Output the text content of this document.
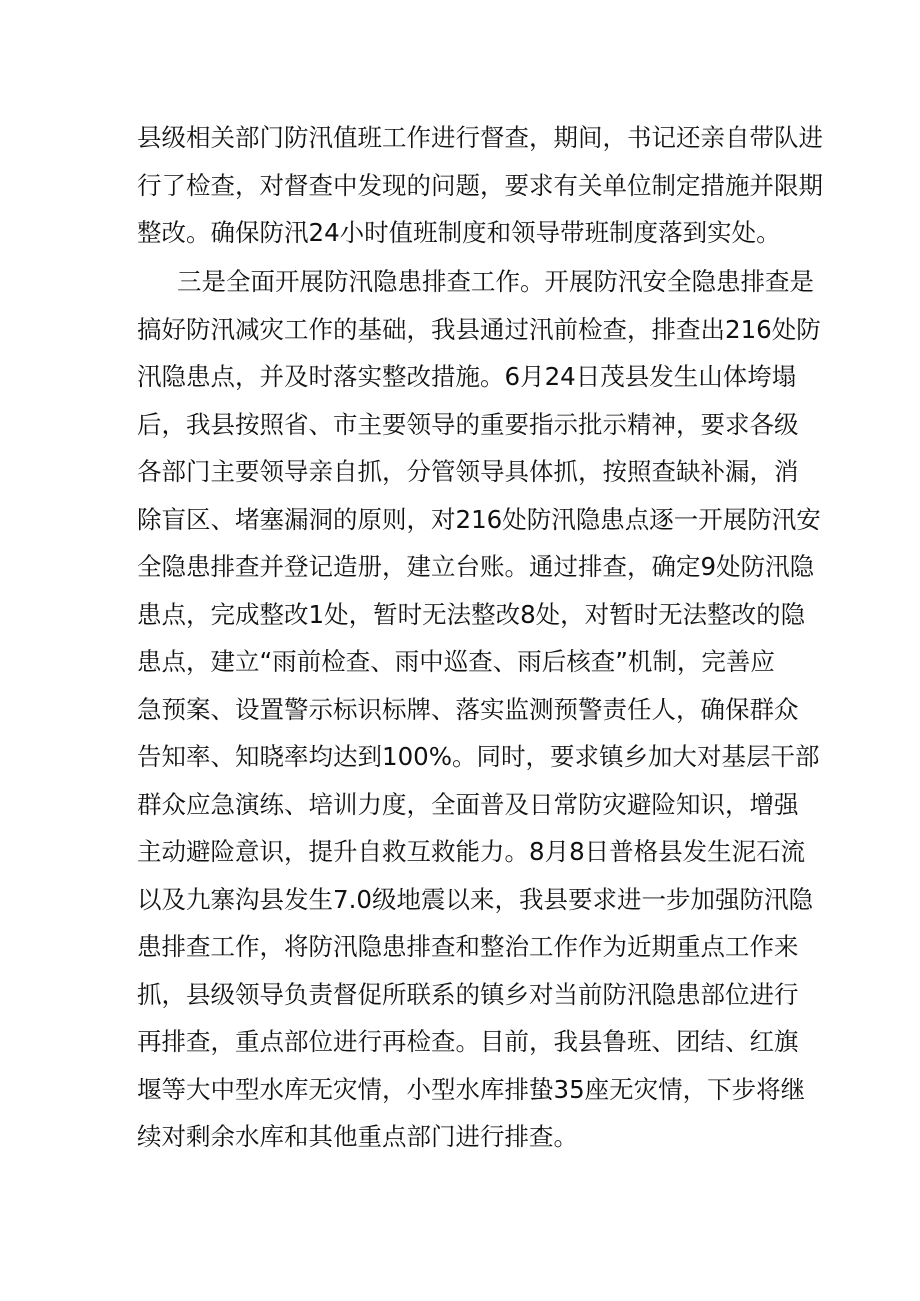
县级相关部门防汛值班工作进行督查，期间，书记还亲自带队进
行了检查，对督查中发现的问题，要求有关单位制定措施并限期
整改。确保防汛24小时值班制度和领导带班制度落到实处。
三是全面开展防汛隐患排查工作。开展防汛安全隐患排查是
搞好防汛减灾工作的基础，我县通过汛前检查，排查出216处防
汛隐患点，并及时落实整改措施。6月24日茂县发生山体垮塌
后，我县按照省、市主要领导的重要指示批示精神，要求各级
各部门主要领导亲自抓，分管领导具体抓，按照查缺补漏，消
除盲区、堵塞漏洞的原则，对216处防汛隐患点逐一开展防汛安
全隐患排查并登记造册，建立台账。通过排查，确定9处防汛隐
患点，完成整改1处，暂时无法整改8处，对暂时无法整改的隐
患点，建立“雨前检查、雨中巡查、雨后核查”机制，完善应
急预案、设置警示标识标牌、落实监测预警责任人，确保群众
告知率、知晓率均达到100%。同时，要求镇乡加大对基层干部
群众应急演练、培训力度，全面普及日常防灾避险知识，增强
主动避险意识，提升自救互救能力。8月8日普格县发生泥石流
以及九寨沟县发生7.0级地震以来，我县要求进一步加强防汛隐
患排查工作，将防汛隐患排查和整治工作作为近期重点工作来
抓，县级领导负责督促所联系的镇乡对当前防汛隐患部位进行
再排查，重点部位进行再检查。目前，我县鲁班、团结、红旗
堰等大中型水库无灾情，小型水库排蛰35座无灾情，下步将继
续对剩余水库和其他重点部门进行排查。
